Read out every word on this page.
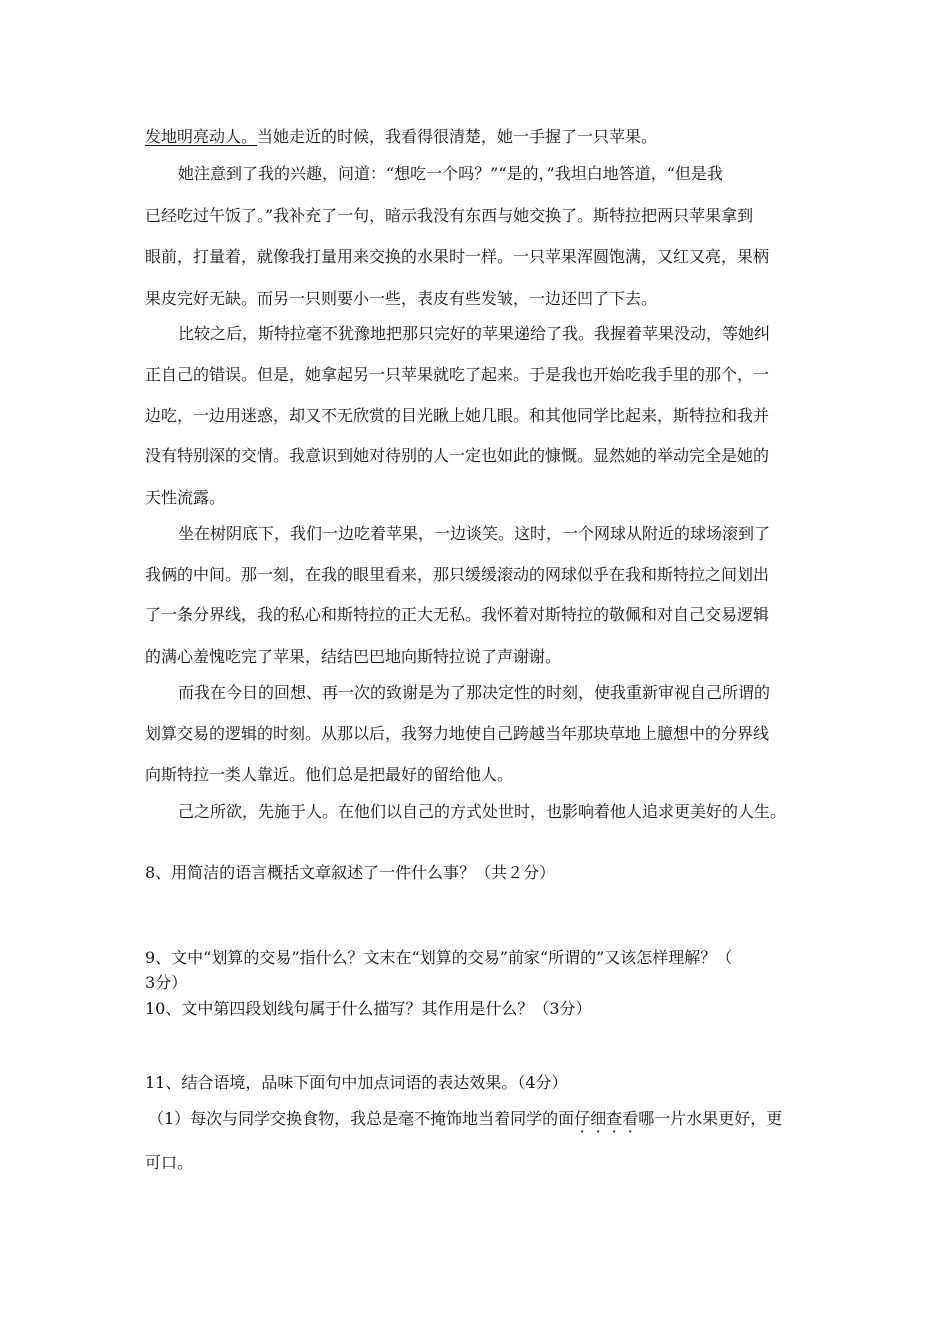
发地明亮动人。当她走近的时候，我看得很清楚，她一手握了一只苹果。
她注意到了我的兴趣，问道：“想吃一个吗？”“是的，”我坦白地答道，“但是我
已经吃过午饭了。”我补充了一句，暗示我没有东西与她交换了。斯特拉把两只苹果拿到
眼前，打量着，就像我打量用来交换的水果时一样。一只苹果浑圆饱满，又红又亮，果柄
果皮完好无缺。而另一只则要小一些，表皮有些发皱，一边还凹了下去。
比较之后，斯特拉毫不犹豫地把那只完好的苹果递给了我。我握着苹果没动，等她纠
正自己的错误。但是，她拿起另一只苹果就吃了起来。于是我也开始吃我手里的那个，一
边吃，一边用迷惑，却又不无欣赏的目光瞅上她几眼。和其他同学比起来，斯特拉和我并
没有特别深的交情。我意识到她对待别的人一定也如此的慷慨。显然她的举动完全是她的
天性流露。
坐在树阴底下，我们一边吃着苹果，一边谈笑。这时，一个网球从附近的球场滚到了
我俩的中间。那一刻，在我的眼里看来，那只缓缓滚动的网球似乎在我和斯特拉之间划出
了一条分界线，我的私心和斯特拉的正大无私。我怀着对斯特拉的敬佩和对自己交易逻辑
的满心羞愧吃完了苹果，结结巴巴地向斯特拉说了声谢谢。
而我在今日的回想、再一次的致谢是为了那决定性的时刻，使我重新审视自己所谓的
划算交易的逻辑的时刻。从那以后，我努力地使自己跨越当年那块草地上臆想中的分界线
向斯特拉一类人靠近。他们总是把最好的留给他人。
己之所欲，先施于人。在他们以自己的方式处世时，也影响着他人追求更美好的人生。
8、用简洁的语言概括文章叙述了一件什么事？（共２分）
9、文中“划算的交易”指什么？文末在“划算的交易”前家“所谓的”又该怎样理解？（
3分）
10、文中第四段划线句属于什么描写？其作用是什么？（3分）
11、结合语境，品味下面句中加点词语的表达效果。（4分）
（1）每次与同学交换食物，我总是毫不掩饰地当着同学的面仔细查看哪一片水果更好，更
可口。
